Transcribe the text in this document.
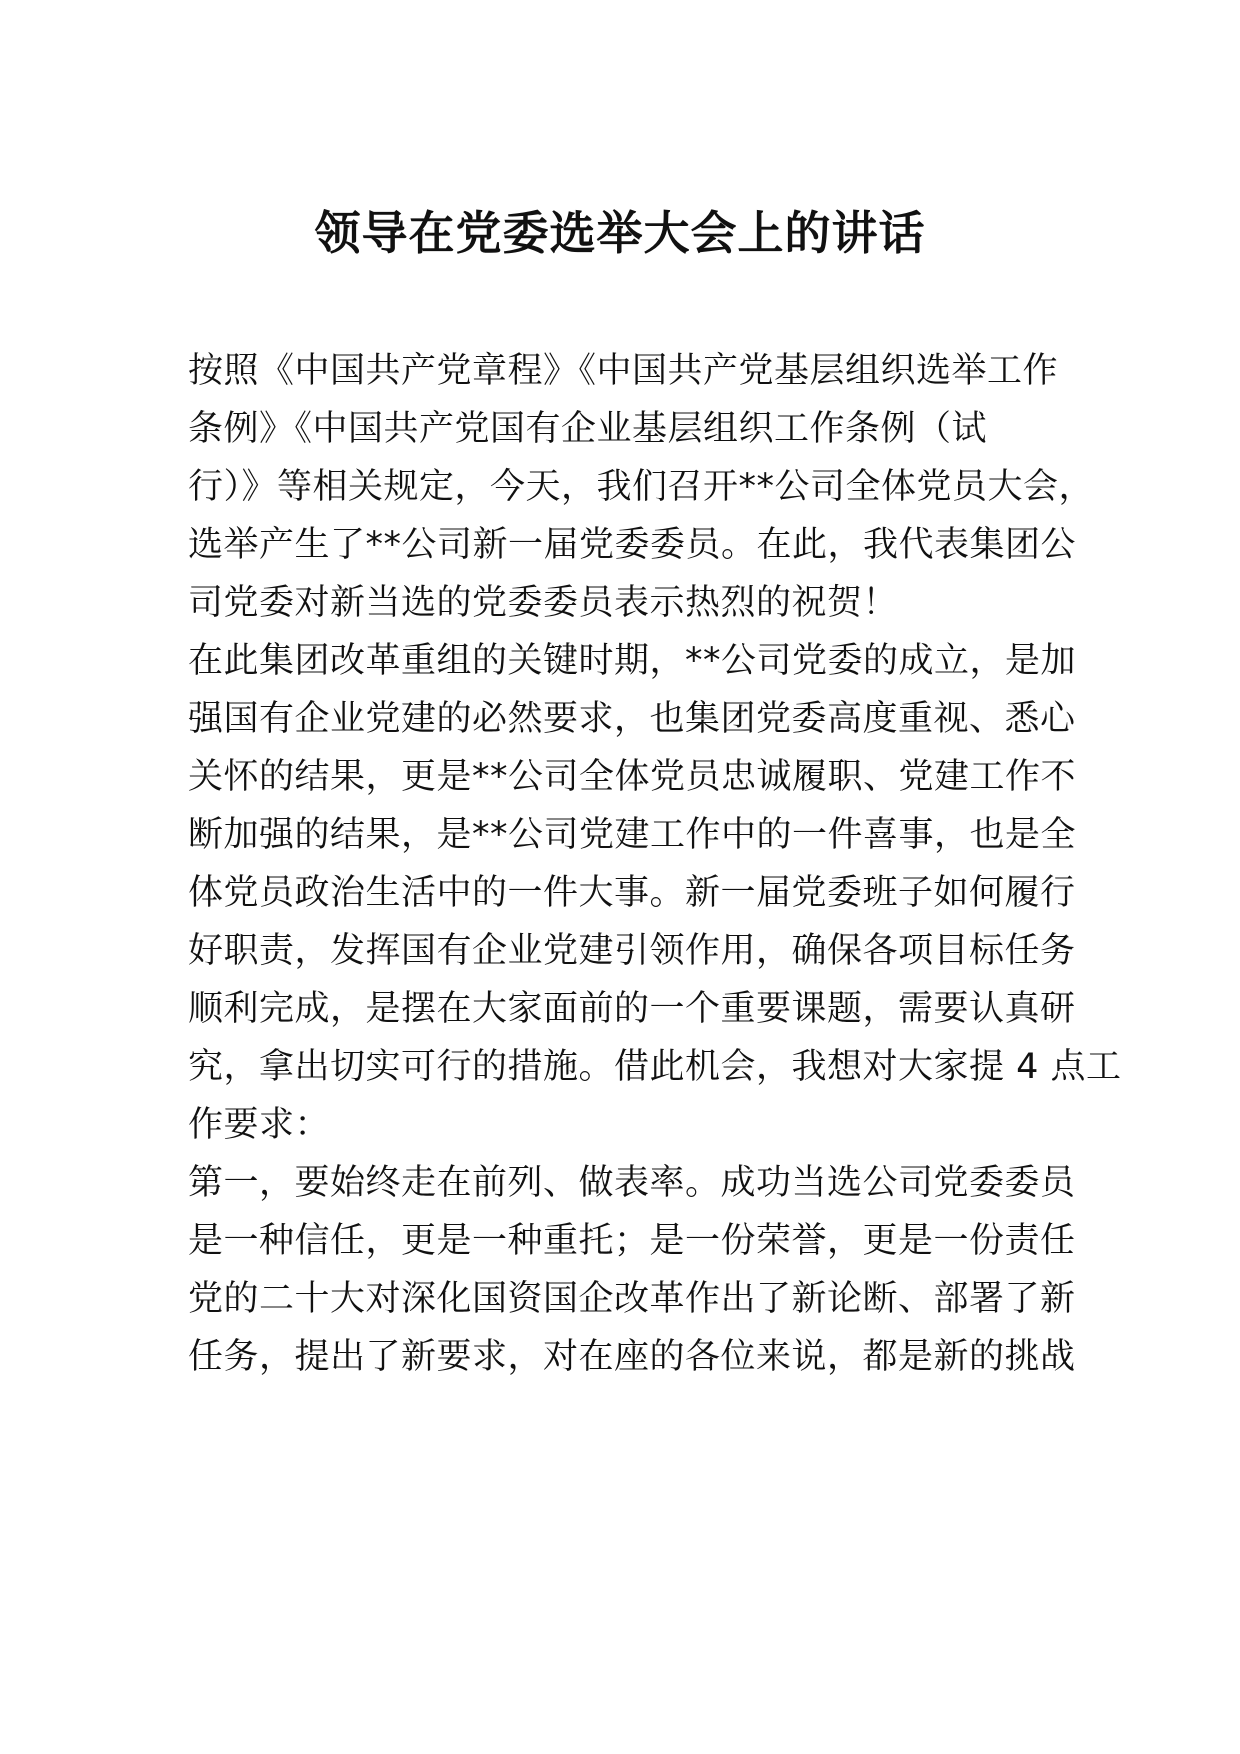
领导在党委选举大会上的讲话

按照《中国共产党章程》《中国共产党基层组织选举工作

条例》《中国共产党国有企业基层组织工作条例（试

行）》等相关规定，今天，我们召开**公司全体党员大会，

选举产生了**公司新一届党委委员。在此，我代表集团公

司党委对新当选的党委委员表示热烈的祝贺！

在此集团改革重组的关键时期，**公司党委的成立，是加

强国有企业党建的必然要求，也集团党委高度重视、悉心

关怀的结果，更是**公司全体党员忠诚履职、党建工作不

断加强的结果，是**公司党建工作中的一件喜事，也是全

体党员政治生活中的一件大事。新一届党委班子如何履行

好职责，发挥国有企业党建引领作用，确保各项目标任务

顺利完成，是摆在大家面前的一个重要课题，需要认真研

究，拿出切实可行的措施。借此机会，我想对大家提 4 点工

作要求：

第一，要始终走在前列、做表率。成功当选公司党委委员

是一种信任，更是一种重托；是一份荣誉，更是一份责任

党的二十大对深化国资国企改革作出了新论断、部署了新

任务，提出了新要求，对在座的各位来说，都是新的挑战
